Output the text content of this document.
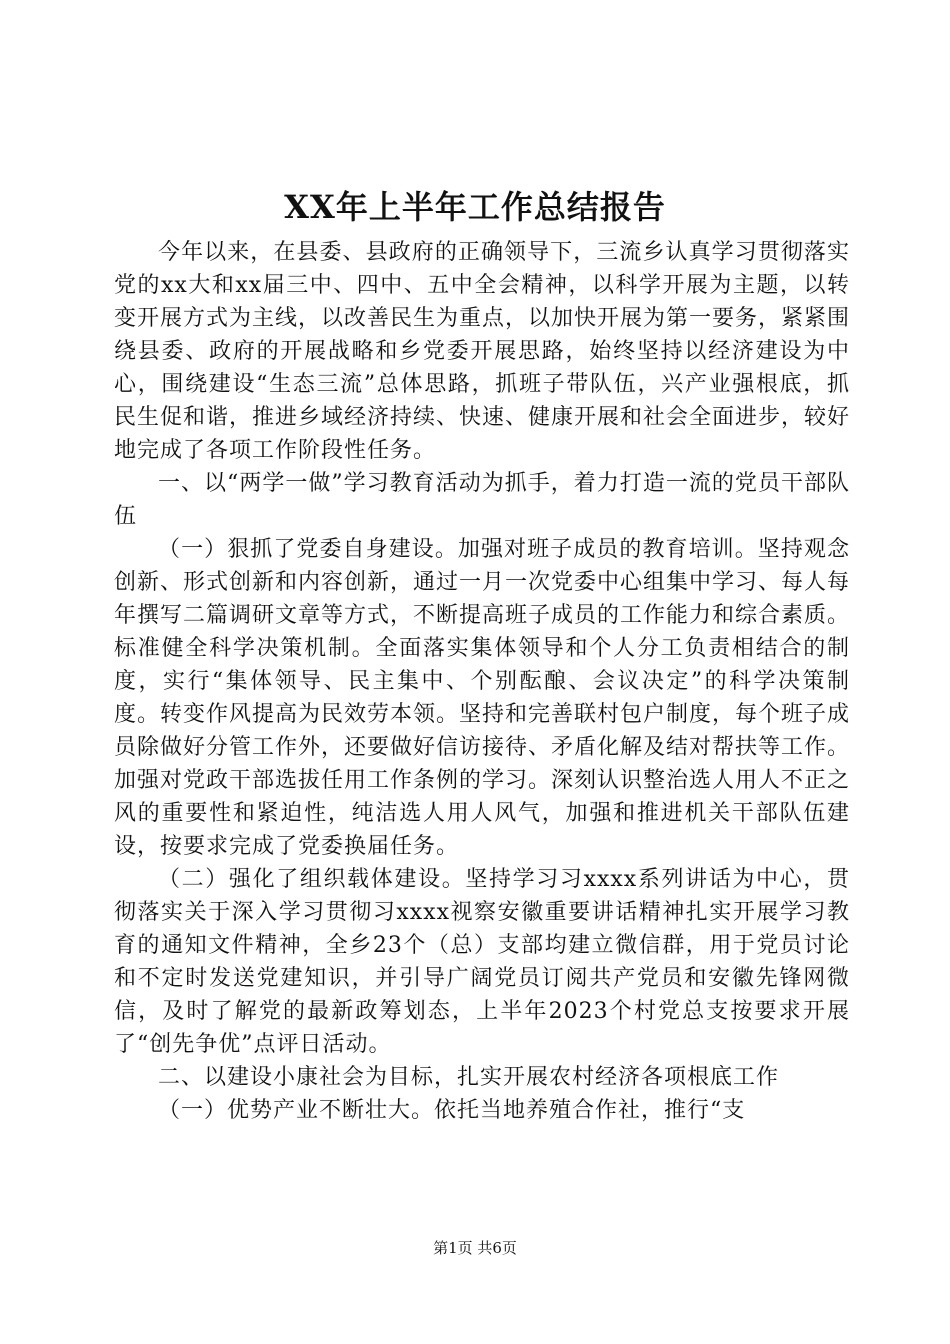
XX年上半年工作总结报告

今年以来，在县委、县政府的正确领导下，三流乡认真学习贯彻落实党的xx大和xx届三中、四中、五中全会精神，以科学开展为主题，以转变开展方式为主线，以改善民生为重点，以加快开展为第一要务，紧紧围绕县委、政府的开展战略和乡党委开展思路，始终坚持以经济建设为中心，围绕建设“生态三流”总体思路，抓班子带队伍，兴产业强根底，抓民生促和谐，推进乡域经济持续、快速、健康开展和社会全面进步，较好地完成了各项工作阶段性任务。

一、以“两学一做”学习教育活动为抓手，着力打造一流的党员干部队伍

（一）狠抓了党委自身建设。加强对班子成员的教育培训。坚持观念创新、形式创新和内容创新，通过一月一次党委中心组集中学习、每人每年撰写二篇调研文章等方式，不断提高班子成员的工作能力和综合素质。标准健全科学决策机制。全面落实集体领导和个人分工负责相结合的制度，实行“集体领导、民主集中、个别酝酿、会议决定”的科学决策制度。转变作风提高为民效劳本领。坚持和完善联村包户制度，每个班子成员除做好分管工作外，还要做好信访接待、矛盾化解及结对帮扶等工作。加强对党政干部选拔任用工作条例的学习。深刻认识整治选人用人不正之风的重要性和紧迫性，纯洁选人用人风气，加强和推进机关干部队伍建设，按要求完成了党委换届任务。

（二）强化了组织载体建设。坚持学习习xxxx系列讲话为中心，贯彻落实关于深入学习贯彻习xxxx视察安徽重要讲话精神扎实开展学习教育的通知文件精神，全乡23个（总）支部均建立微信群，用于党员讨论和不定时发送党建知识，并引导广阔党员订阅共产党员和安徽先锋网微信，及时了解党的最新政筹划态，上半年2023个村党总支按要求开展了“创先争优”点评日活动。

二、以建设小康社会为目标，扎实开展农村经济各项根底工作

（一）优势产业不断壮大。依托当地养殖合作社，推行“支

第1页 共6页
